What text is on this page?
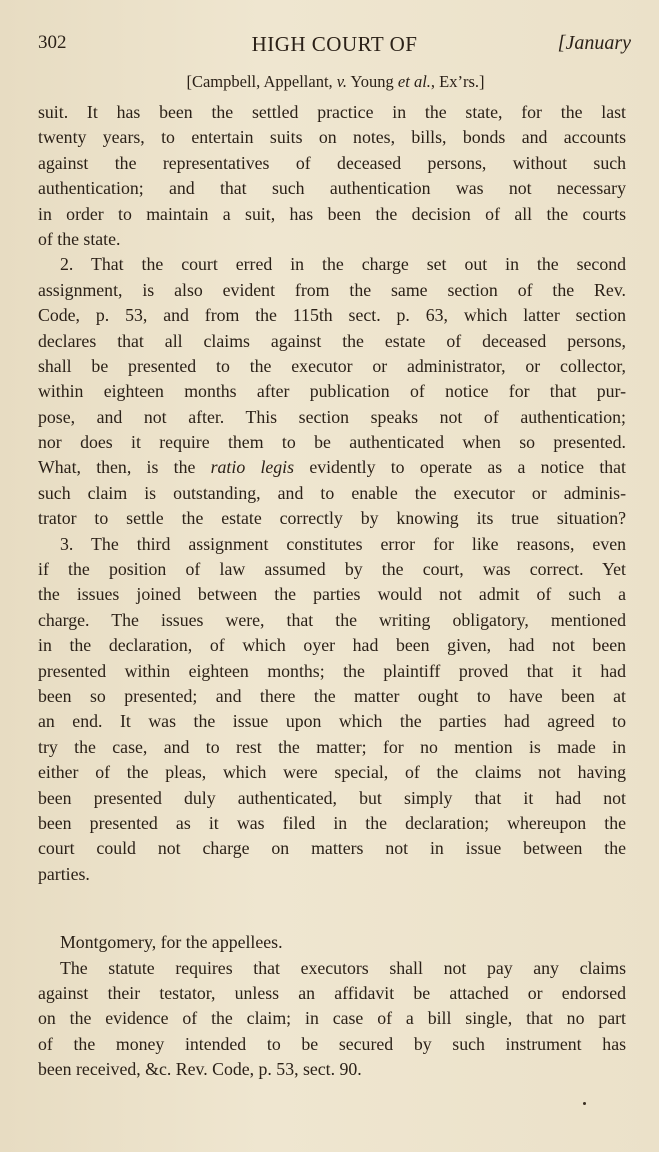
302	HIGH COURT OF	[January
[Campbell, Appellant, v. Young et al., Ex’rs.]
suit. It has been the settled practice in the state, for the last
twenty years, to entertain suits on notes, bills, bonds and accounts
against the representatives of deceased persons, without such
authentication; and that such authentication was not necessary
in order to maintain a suit, has been the decision of all the courts
of the state.
2. That the court erred in the charge set out in the second
assignment, is also evident from the same section of the Rev.
Code, p. 53, and from the 115th sect. p. 63, which latter section
declares that all claims against the estate of deceased persons,
shall be presented to the executor or administrator, or collector,
within eighteen months after publication of notice for that pur-
pose, and not after. This section speaks not of authentication;
nor does it require them to be authenticated when so presented.
What, then, is the ratio legis evidently to operate as a notice that
such claim is outstanding, and to enable the executor or adminis-
trator to settle the estate correctly by knowing its true situation?
3. The third assignment constitutes error for like reasons, even
if the position of law assumed by the court, was correct. Yet
the issues joined between the parties would not admit of such a
charge. The issues were, that the writing obligatory, mentioned
in the declaration, of which oyer had been given, had not been
presented within eighteen months; the plaintiff proved that it had
been so presented; and there the matter ought to have been at
an end. It was the issue upon which the parties had agreed to
try the case, and to rest the matter; for no mention is made in
either of the pleas, which were special, of the claims not having
been presented duly authenticated, but simply that it had not
been presented as it was filed in the declaration; whereupon the
court could not charge on matters not in issue between the
parties.
Montgomery, for the appellees.
The statute requires that executors shall not pay any claims
against their testator, unless an affidavit be attached or endorsed
on the evidence of the claim; in case of a bill single, that no part
of the money intended to be secured by such instrument has
been received, &c. Rev. Code, p. 53, sect. 90.
